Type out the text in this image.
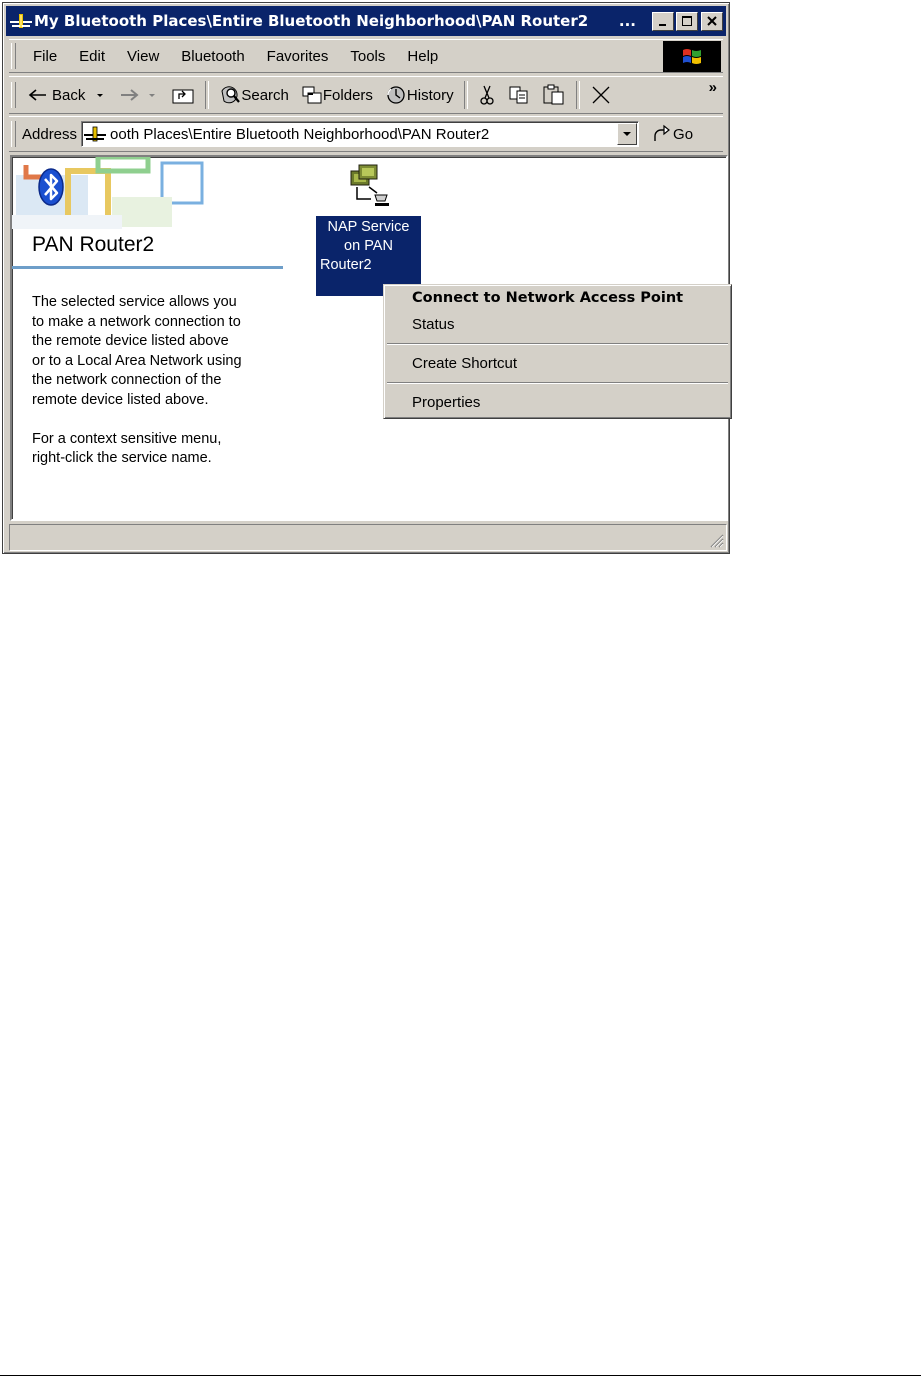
My Bluetooth Places\Entire Bluetooth Neighborhood\PAN Router2	...
File	Edit	View	Bluetooth	Favorites	Tools	Help
Back	Search Folders History	»
Address ooth Places\Entire Bluetooth Neighborhood\PAN Router2	Go
PAN Router2

The selected service allows you
to make a network connection to
the remote device listed above
or to a Local Area Network using
the network connection of the
remote device listed above.

For a context sensitive menu,
right-click the service name.

NAP Service
on PAN
Router2
Connect to Network Access Point
Status
Create Shortcut
Properties
